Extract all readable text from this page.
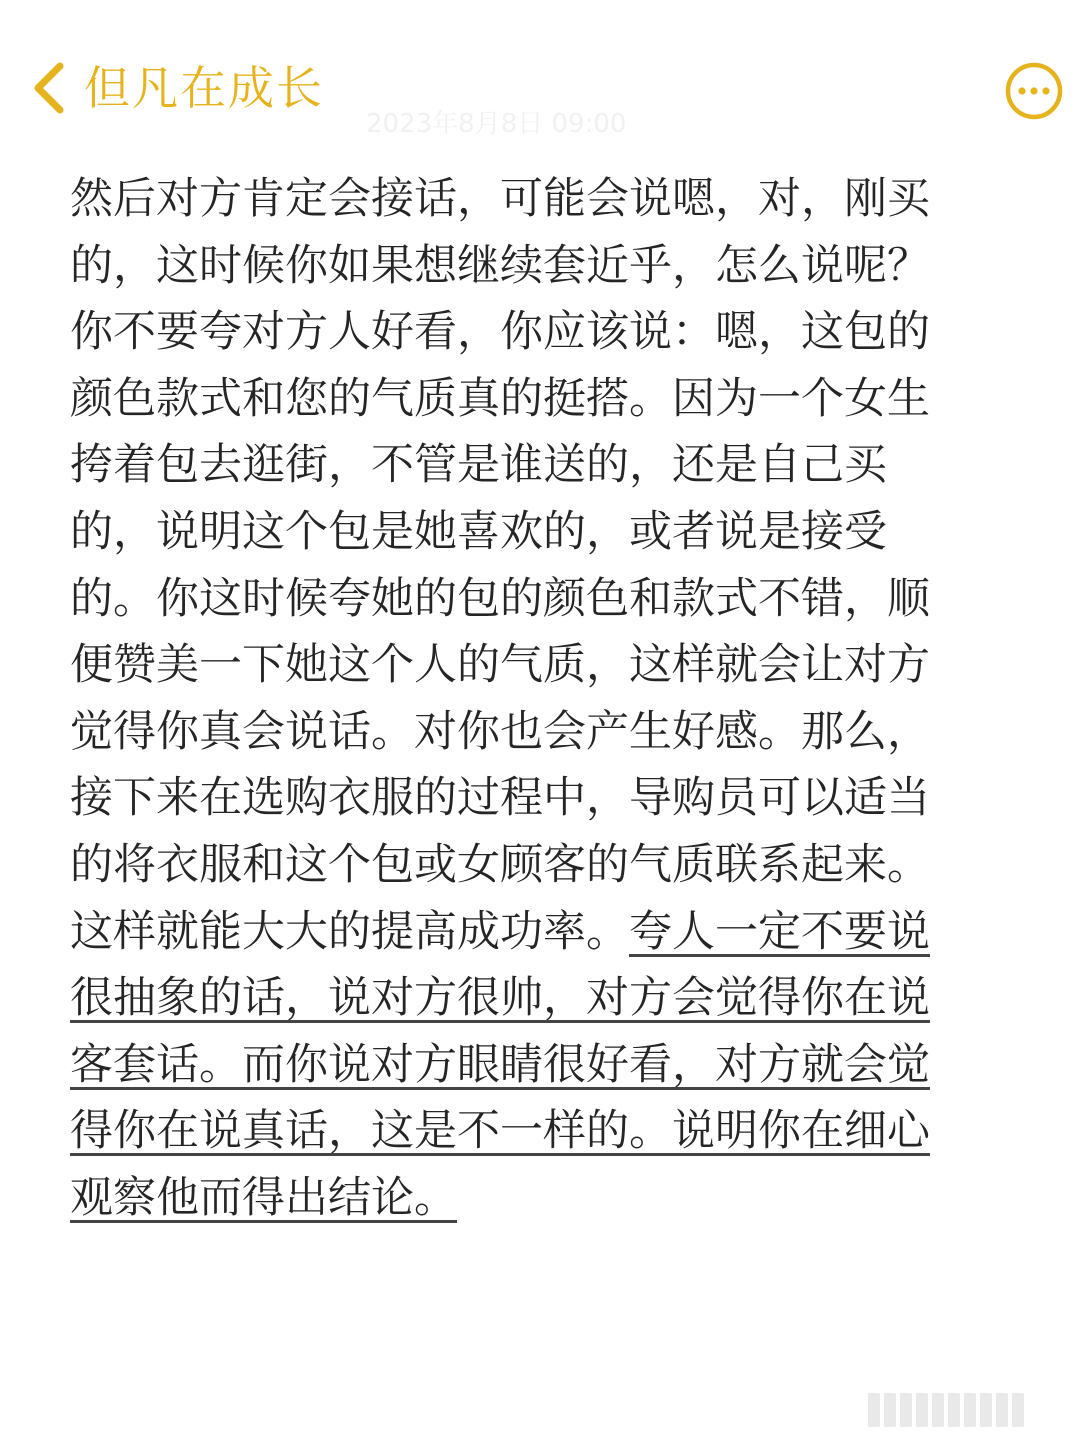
但凡在成长
2023年8月8日 09:00
然后对方肯定会接话，可能会说嗯，对，刚买
的，这时候你如果想继续套近乎，怎么说呢？
你不要夸对方人好看，你应该说：嗯，这包的
颜色款式和您的气质真的挺搭。因为一个女生
挎着包去逛街，不管是谁送的，还是自己买
的，说明这个包是她喜欢的，或者说是接受
的。你这时候夸她的包的颜色和款式不错，顺
便赞美一下她这个人的气质，这样就会让对方
觉得你真会说话。对你也会产生好感。那么，
接下来在选购衣服的过程中，导购员可以适当
的将衣服和这个包或女顾客的气质联系起来。
这样就能大大的提高成功率。夸人一定不要说
很抽象的话，说对方很帅，对方会觉得你在说
客套话。而你说对方眼睛很好看，对方就会觉
得你在说真话，这是不一样的。说明你在细心
观察他而得出结论。
